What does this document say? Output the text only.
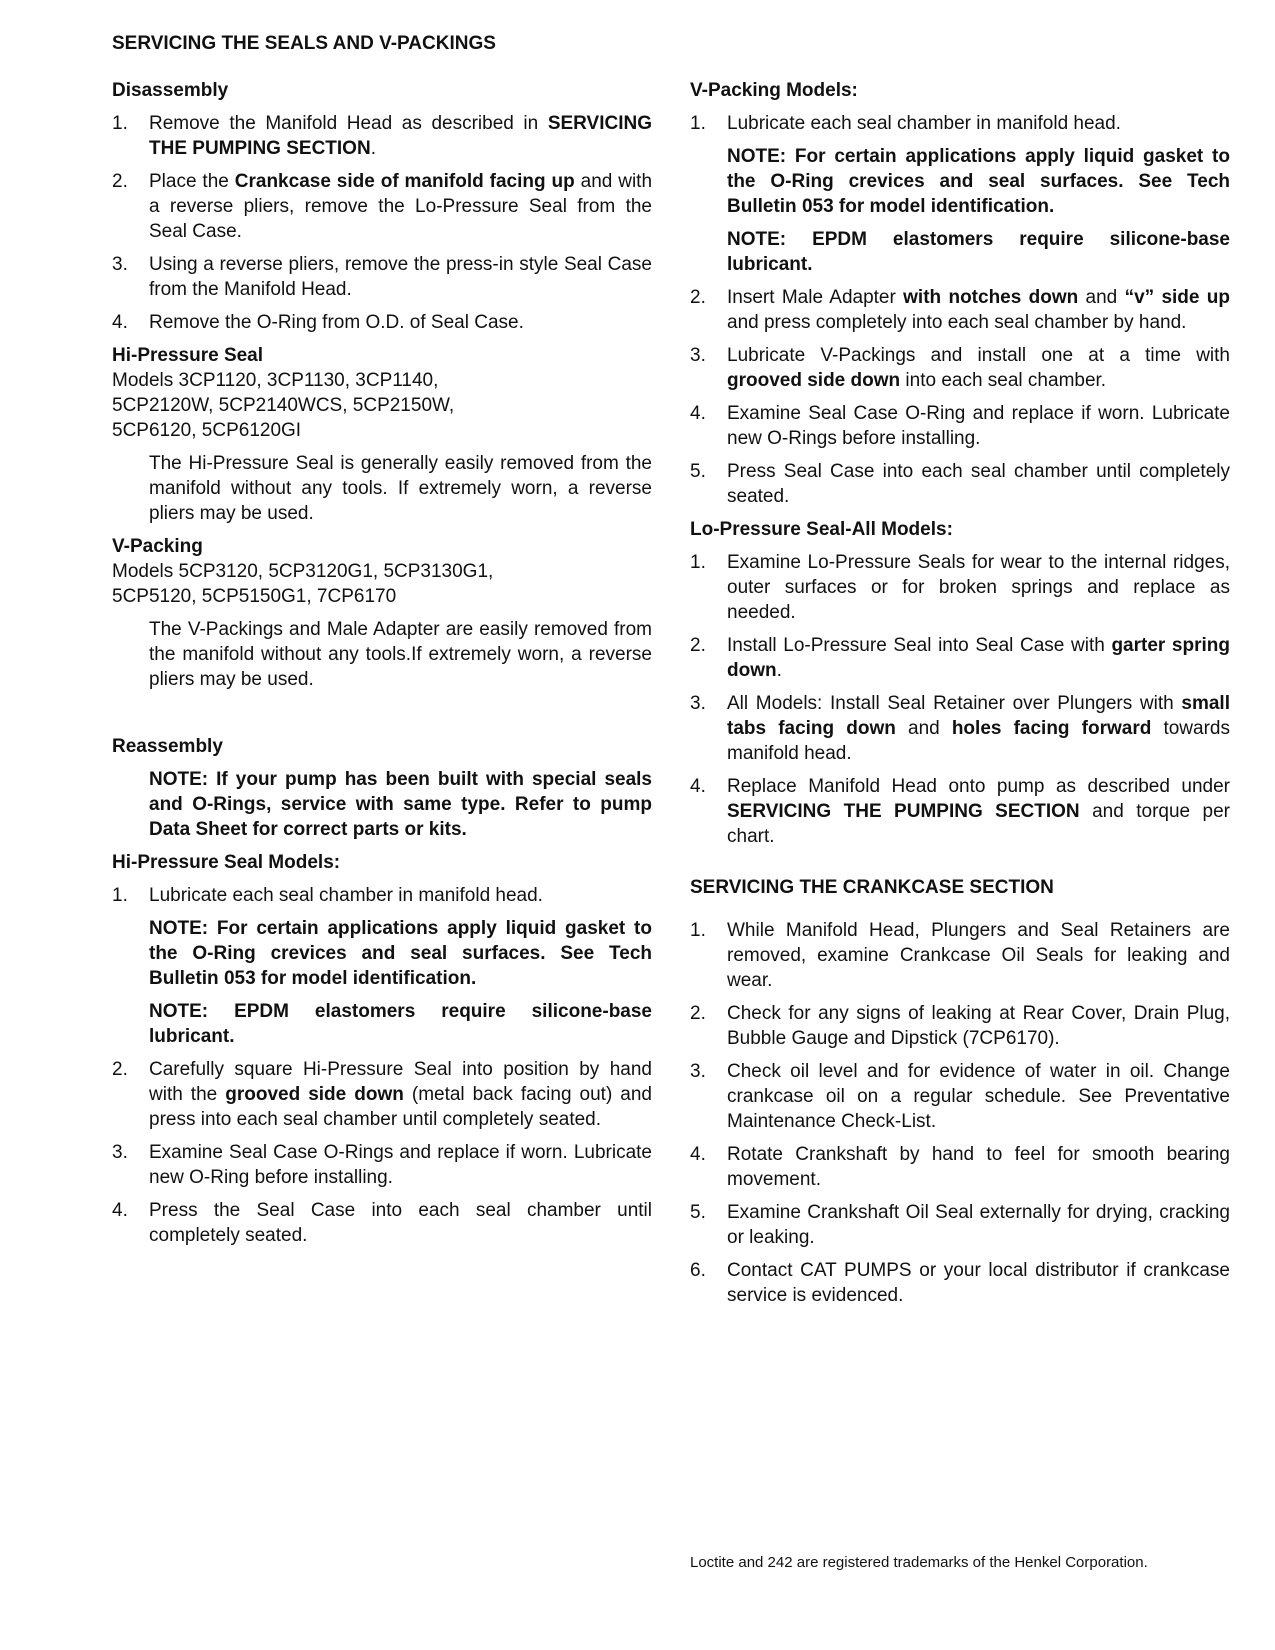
SERVICING THE SEALS AND V-PACKINGS
Disassembly
1. Remove the Manifold Head as described in SERVICING THE PUMPING SECTION.
2. Place the Crankcase side of manifold facing up and with a reverse pliers, remove the Lo-Pressure Seal from the Seal Case.
3. Using a reverse pliers, remove the press-in style Seal Case from the Manifold Head.
4. Remove the O-Ring from O.D. of Seal Case.
Hi-Pressure Seal
Models 3CP1120, 3CP1130, 3CP1140,
5CP2120W, 5CP2140WCS, 5CP2150W,
5CP6120, 5CP6120GI

The Hi-Pressure Seal is generally easily removed from the manifold without any tools. If extremely worn, a reverse pliers may be used.

V-Packing
Models 5CP3120, 5CP3120G1, 5CP3130G1,
5CP5120, 5CP5150G1, 7CP6170

The V-Packings and Male Adapter are easily removed from the manifold without any tools.If extremely worn, a reverse pliers may be used.

Reassembly

NOTE: If your pump has been built with special seals and O-Rings, service with same type. Refer to pump Data Sheet for correct parts or kits.

Hi-Pressure Seal Models:
1. Lubricate each seal chamber in manifold head.

NOTE: For certain applications apply liquid gasket to the O-Ring crevices and seal surfaces. See Tech Bulletin 053 for model identification.

NOTE: EPDM elastomers require silicone-base lubricant.

2. Carefully square Hi-Pressure Seal into position by hand with the grooved side down (metal back facing out) and press into each seal chamber until completely seated.
3. Examine Seal Case O-Rings and replace if worn. Lubricate new O-Ring before installing.
4. Press the Seal Case into each seal chamber until completely seated.
V-Packing Models:
1. Lubricate each seal chamber in manifold head.

NOTE: For certain applications apply liquid gasket to the O-Ring crevices and seal surfaces. See Tech Bulletin 053 for model identification.

NOTE: EPDM elastomers require silicone-base lubricant.

2. Insert Male Adapter with notches down and “v” side up and press completely into each seal chamber by hand.
3. Lubricate V-Packings and install one at a time with grooved side down into each seal chamber.
4. Examine Seal Case O-Ring and replace if worn. Lubricate new O-Rings before installing.
5. Press Seal Case into each seal chamber until completely seated.
Lo-Pressure Seal-All Models:
1. Examine Lo-Pressure Seals for wear to the internal ridges, outer surfaces or for broken springs and replace as needed.
2. Install Lo-Pressure Seal into Seal Case with garter spring down.
3. All Models: Install Seal Retainer over Plungers with small tabs facing down and holes facing forward towards manifold head.
4. Replace Manifold Head onto pump as described under SERVICING THE PUMPING SECTION and torque per chart.
SERVICING THE CRANKCASE SECTION
1. While Manifold Head, Plungers and Seal Retainers are removed, examine Crankcase Oil Seals for leaking and wear.
2. Check for any signs of leaking at Rear Cover, Drain Plug, Bubble Gauge and Dipstick (7CP6170).
3. Check oil level and for evidence of water in oil. Change crankcase oil on a regular schedule. See Preventative Maintenance Check-List.
4. Rotate Crankshaft by hand to feel for smooth bearing movement.
5. Examine Crankshaft Oil Seal externally for drying, cracking or leaking.
6. Contact CAT PUMPS or your local distributor if crankcase service is evidenced.

Loctite and 242 are registered trademarks of the Henkel Corporation.
